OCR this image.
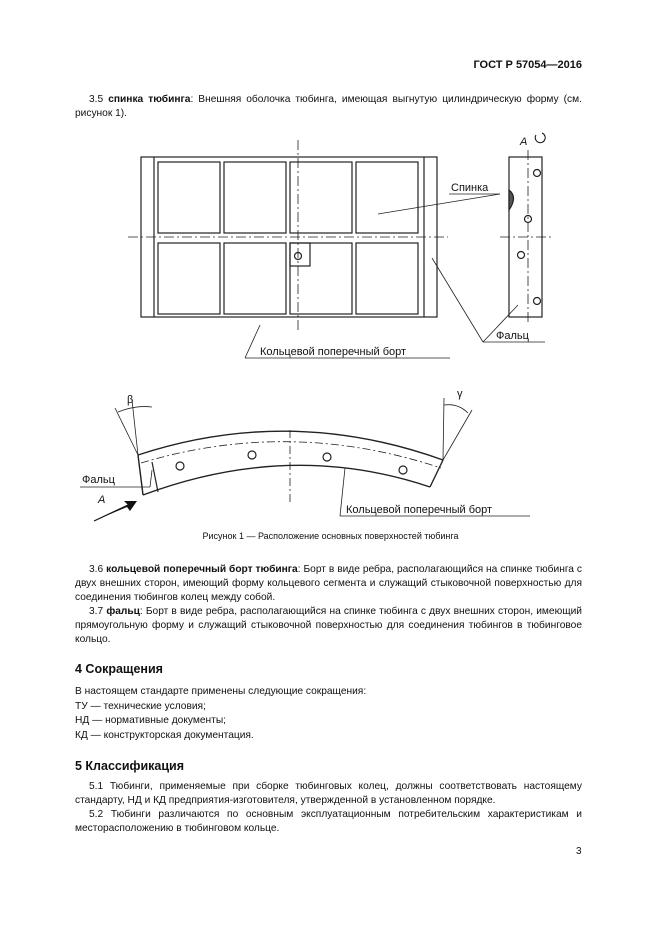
ГОСТ Р 57054—2016
3.5 спинка тюбинга: Внешняя оболочка тюбинга, имеющая выгнутую цилиндрическую форму (см. рисунок 1).
Спинка
А
Кольцевой поперечный борт
Фальц
β	γ
Фальц
А
Кольцевой поперечный борт
Рисунок 1 — Расположение основных поверхностей тюбинга
3.6 кольцевой поперечный борт тюбинга: Борт в виде ребра, располагающийся на спинке тюбинга с двух внешних сторон, имеющий форму кольцевого сегмента и служащий стыковочной поверхностью для соединения тюбингов колец между собой.
3.7 фальц: Борт в виде ребра, располагающийся на спинке тюбинга с двух внешних сторон, имеющий прямоугольную форму и служащий стыковочной поверхностью для соединения тюбингов в тюбинговое кольцо.
4 Сокращения
В настоящем стандарте применены следующие сокращения:
ТУ — технические условия;
НД — нормативные документы;
КД — конструкторская документация.
5 Классификация
5.1 Тюбинги, применяемые при сборке тюбинговых колец, должны соответствовать настоящему стандарту, НД и КД предприятия-изготовителя, утвержденной в установленном порядке.
5.2 Тюбинги различаются по основным эксплуатационным потребительским характеристикам и месторасположению в тюбинговом кольце.
3
